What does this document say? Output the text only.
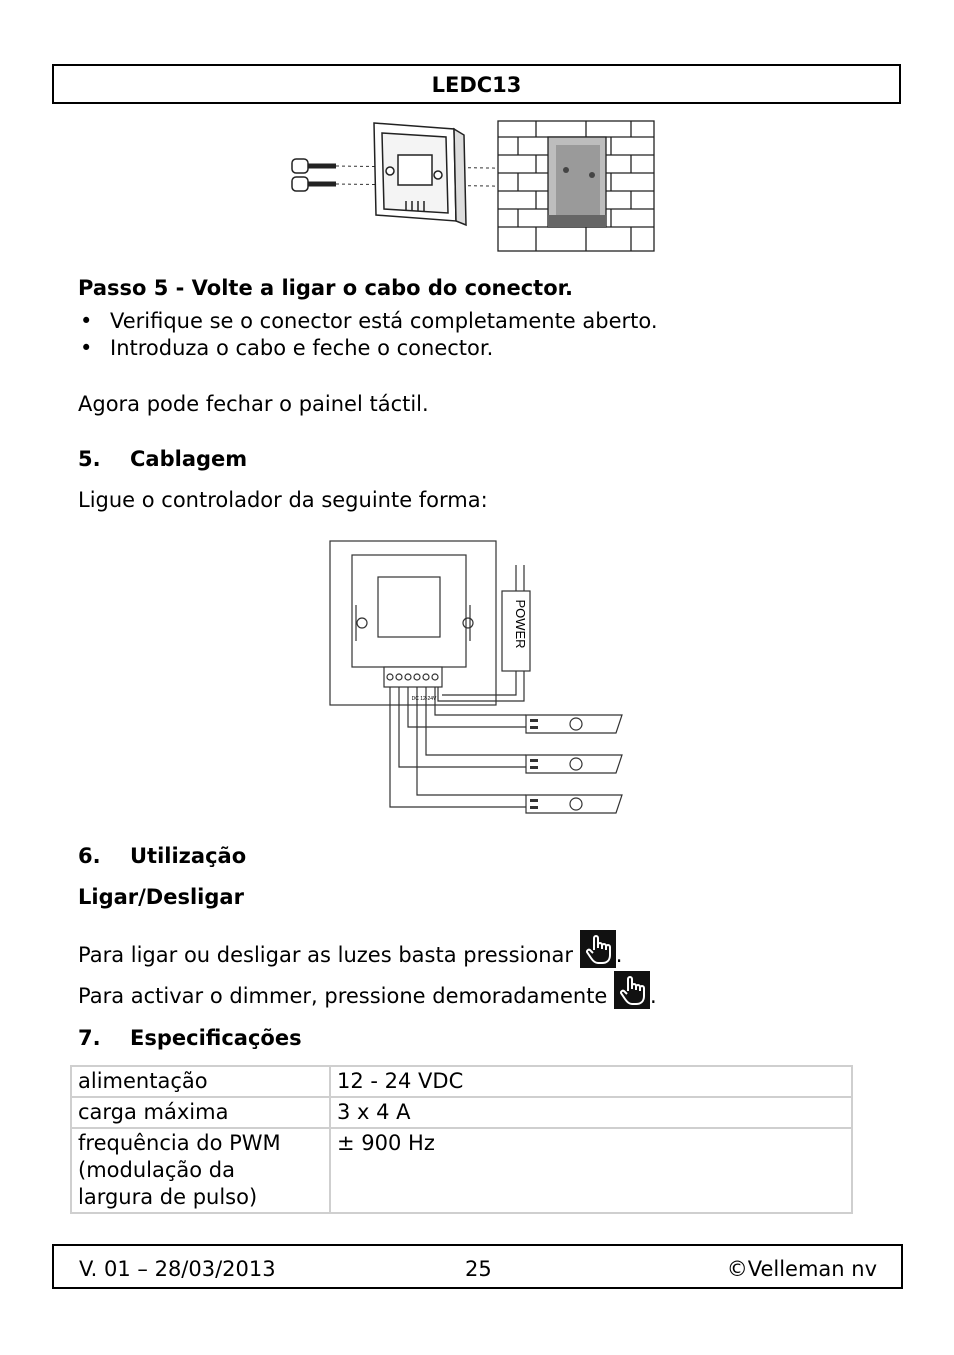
LEDC13
Passo 5 - Volte a ligar o cabo do conector.
• Verifique se o conector está completamente aberto.
• Introduza o cabo e feche o conector.
Agora pode fechar o painel táctil.
5. Cablagem
Ligue o controlador da seguinte forma:
POWER
DC 12-24V
6. Utilização
Ligar/Desligar
Para ligar ou desligar as luzes basta pressionar .
Para activar o dimmer, pressione demoradamente .
7. Especificações
alimentação	12 - 24 VDC
carga máxima	3 x 4 A

frequência do PWM
(modulação da
largura de pulso)	± 900 Hz
V. 01 – 28/03/2013	25	©Velleman nv
